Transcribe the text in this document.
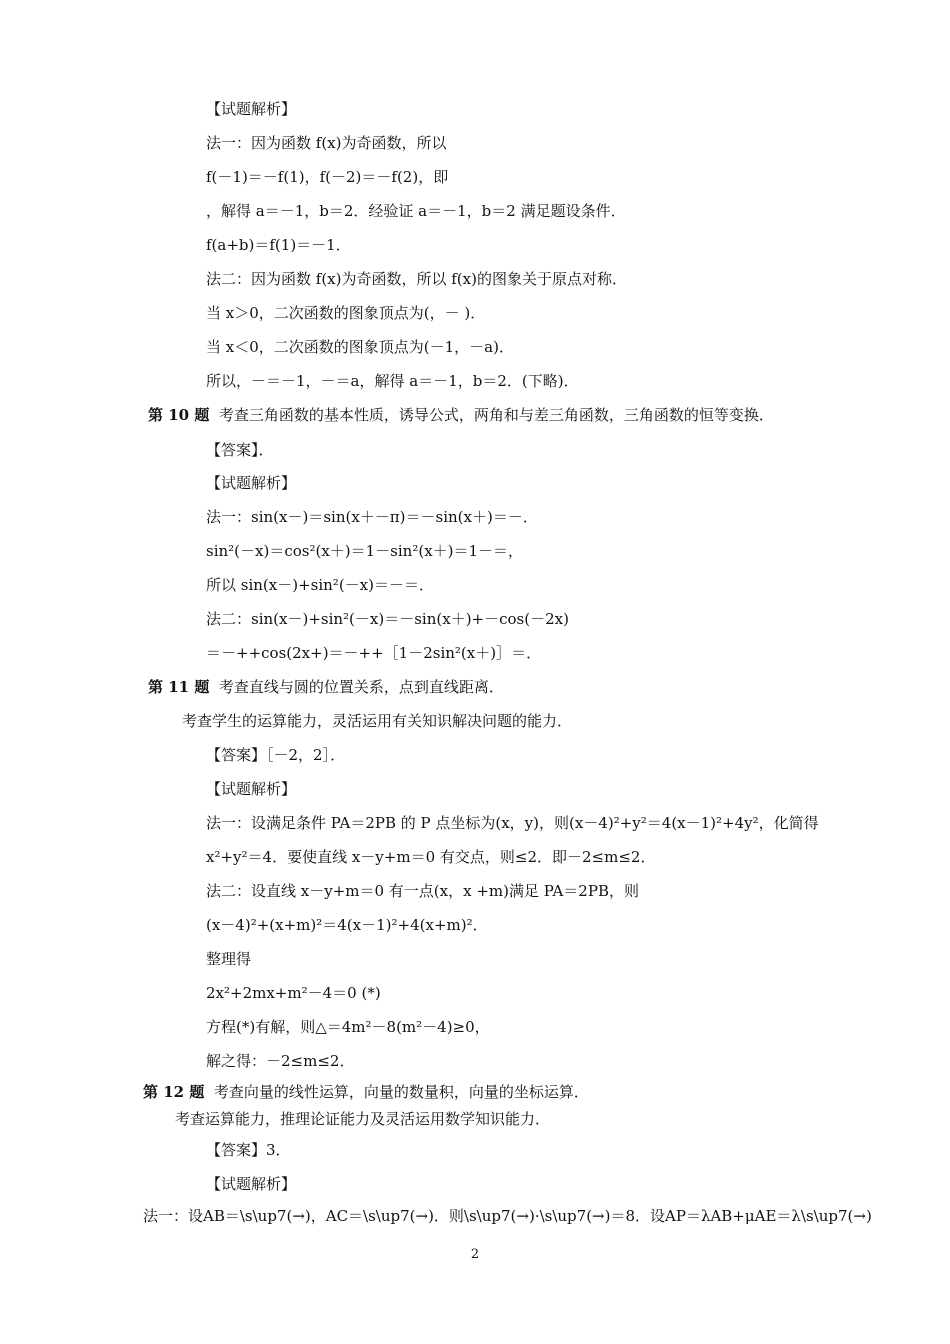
【试题解析】
法一：因为函数 f(x)为奇函数，所以
f(－1)＝－f(1)，f(－2)＝－f(2)，即
，解得 a＝－1，b＝2．经验证 a＝－1，b＝2 满足题设条件．
f(a+b)＝f(1)＝－1．
法二：因为函数 f(x)为奇函数，所以 f(x)的图象关于原点对称．
当 x＞0，二次函数的图象顶点为(，－ )．
当 x＜0，二次函数的图象顶点为(－1，－a)．
所以，－＝－1，－＝a，解得 a＝－1，b＝2．(下略)．
第 10 题 考查三角函数的基本性质，诱导公式，两角和与差三角函数，三角函数的恒等变换．
【答案】．
【试题解析】
法一：sin(x－)＝sin(x＋－π)＝－sin(x＋)＝－．
sin²(－x)＝cos²(x＋)＝1－sin²(x＋)＝1－＝，
所以 sin(x－)+sin²(－x)＝－＝．
法二：sin(x－)+sin²(－x)＝－sin(x＋)+－cos(－2x)
＝－++cos(2x+)＝－++［1－2sin²(x＋)］＝．
第 11 题 考查直线与圆的位置关系，点到直线距离．
考查学生的运算能力，灵活运用有关知识解决问题的能力．
【答案】［－2，2］．
【试题解析】
法一：设满足条件 PA＝2PB 的 P 点坐标为(x，y)，则(x－4)²+y²＝4(x－1)²+4y²，化简得
x²+y²＝4．要使直线 x－y+m＝0 有交点，则≤2．即－2≤m≤2．
法二：设直线 x－y+m＝0 有一点(x，x +m)满足 PA＝2PB，则
(x－4)²+(x+m)²＝4(x－1)²+4(x+m)²．
整理得
2x²+2mx+m²－4＝0 (*)
方程(*)有解，则△＝4m²－8(m²－4)≥0，
解之得：－2≤m≤2．
第 12 题 考查向量的线性运算，向量的数量积，向量的坐标运算．
考查运算能力，推理论证能力及灵活运用数学知识能力．
【答案】3．
【试题解析】
法一：设AB＝\s\up7(→)，AC＝\s\up7(→)．则\s\up7(→)·\s\up7(→)＝8．设AP＝λAB+μAE＝λ\s\up7(→)
2
